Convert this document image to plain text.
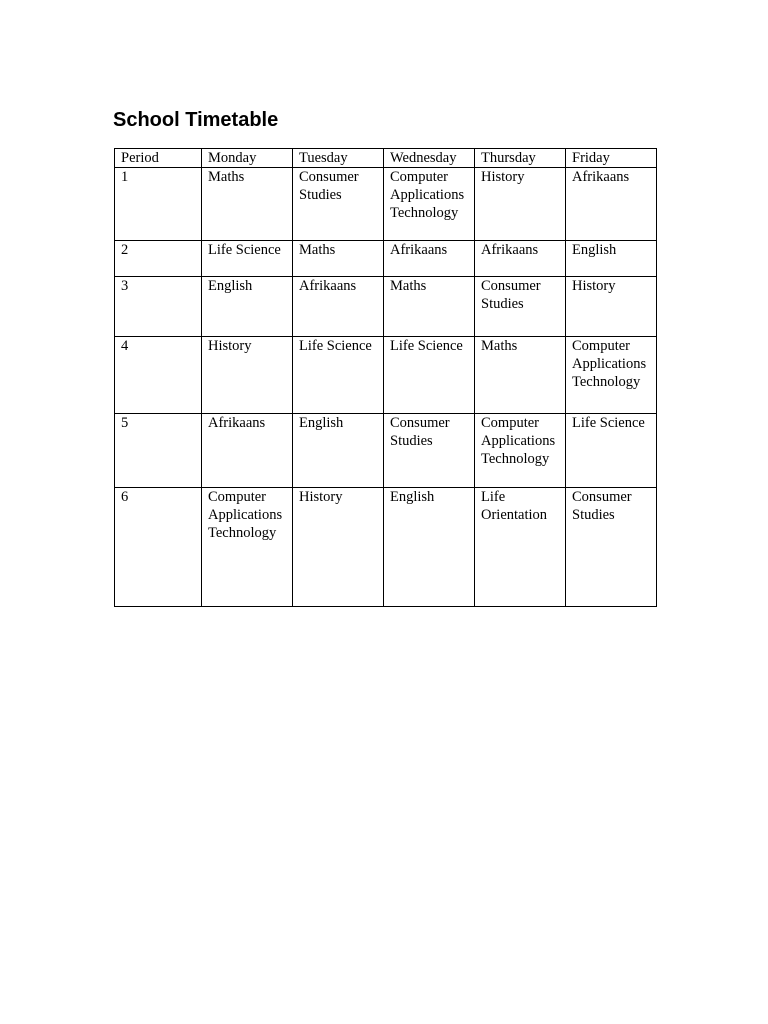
School Timetable
Period	Monday	Tuesday	Wednesday	Thursday	Friday
1	Maths	Consumer Studies	Computer Applications Technology	History	Afrikaans
2	Life Science	Maths	Afrikaans	Afrikaans	English
3	English	Afrikaans	Maths	Consumer Studies	History
4	History	Life Science	Life Science	Maths	Computer Applications Technology
5	Afrikaans	English	Consumer Studies	Computer Applications Technology	Life Science
6	Computer Applications Technology	History	English	Life Orientation	Consumer Studies
